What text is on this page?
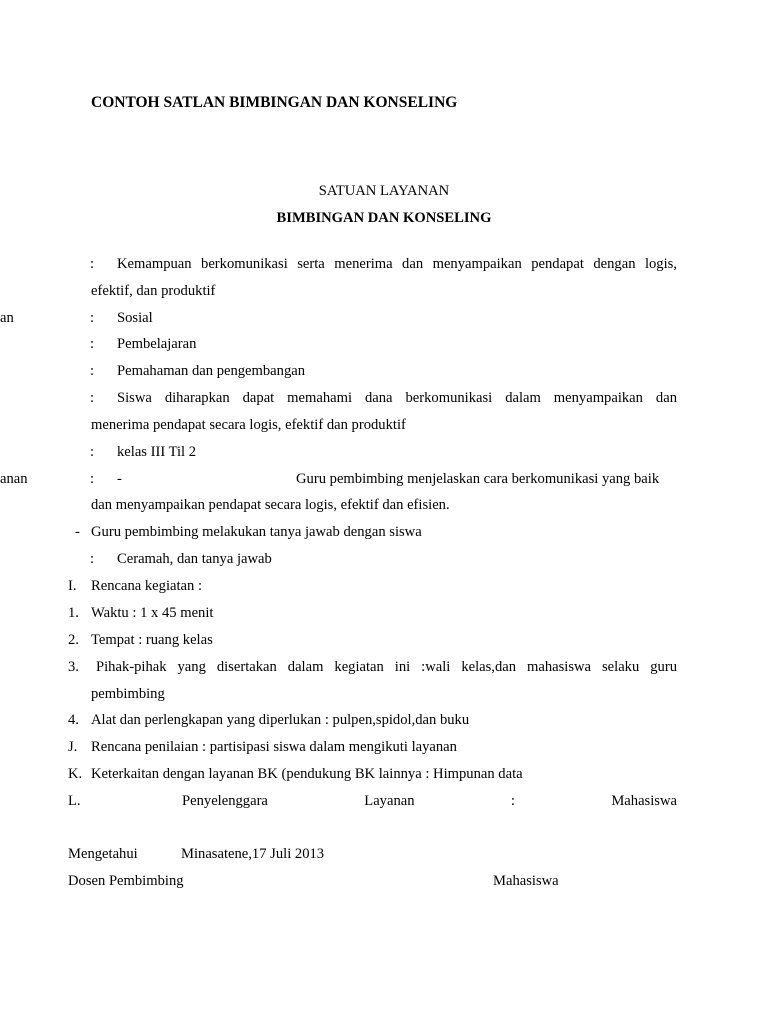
CONTOH SATLAN BIMBINGAN DAN KONSELING
SATUAN LAYANAN
BIMBINGAN DAN KONSELING
: Kemampuan berkomunikasi serta menerima dan menyampaikan pendapat dengan logis,
efektif, dan produktif
an	: Sosial
: Pembelajaran
: Pemahaman dan pengembangan
: Siswa diharapkan dapat memahami dana berkomunikasi dalam menyampaikan dan
menerima pendapat secara logis, efektif dan produktif
: kelas III Til 2
anan	: -	Guru pembimbing menjelaskan cara berkomunikasi yang baik
dan menyampaikan pendapat secara logis, efektif dan efisien.
- Guru pembimbing melakukan tanya jawab dengan siswa
: Ceramah, dan tanya jawab
I. Rencana kegiatan :
1. Waktu : 1 x 45 menit
2. Tempat : ruang kelas
3. Pihak-pihak yang disertakan dalam kegiatan ini :wali kelas,dan mahasiswa selaku guru
pembimbing
4. Alat dan perlengkapan yang diperlukan : pulpen,spidol,dan buku
J. Rencana penilaian : partisipasi siswa dalam mengikuti layanan
K. Keterkaitan dengan layanan BK (pendukung BK lainnya : Himpunan data
L.	Penyelenggara Layanan : Mahasiswa
Mengetahui	Minasatene,17 Juli 2013
Dosen Pembimbing	Mahasiswa
